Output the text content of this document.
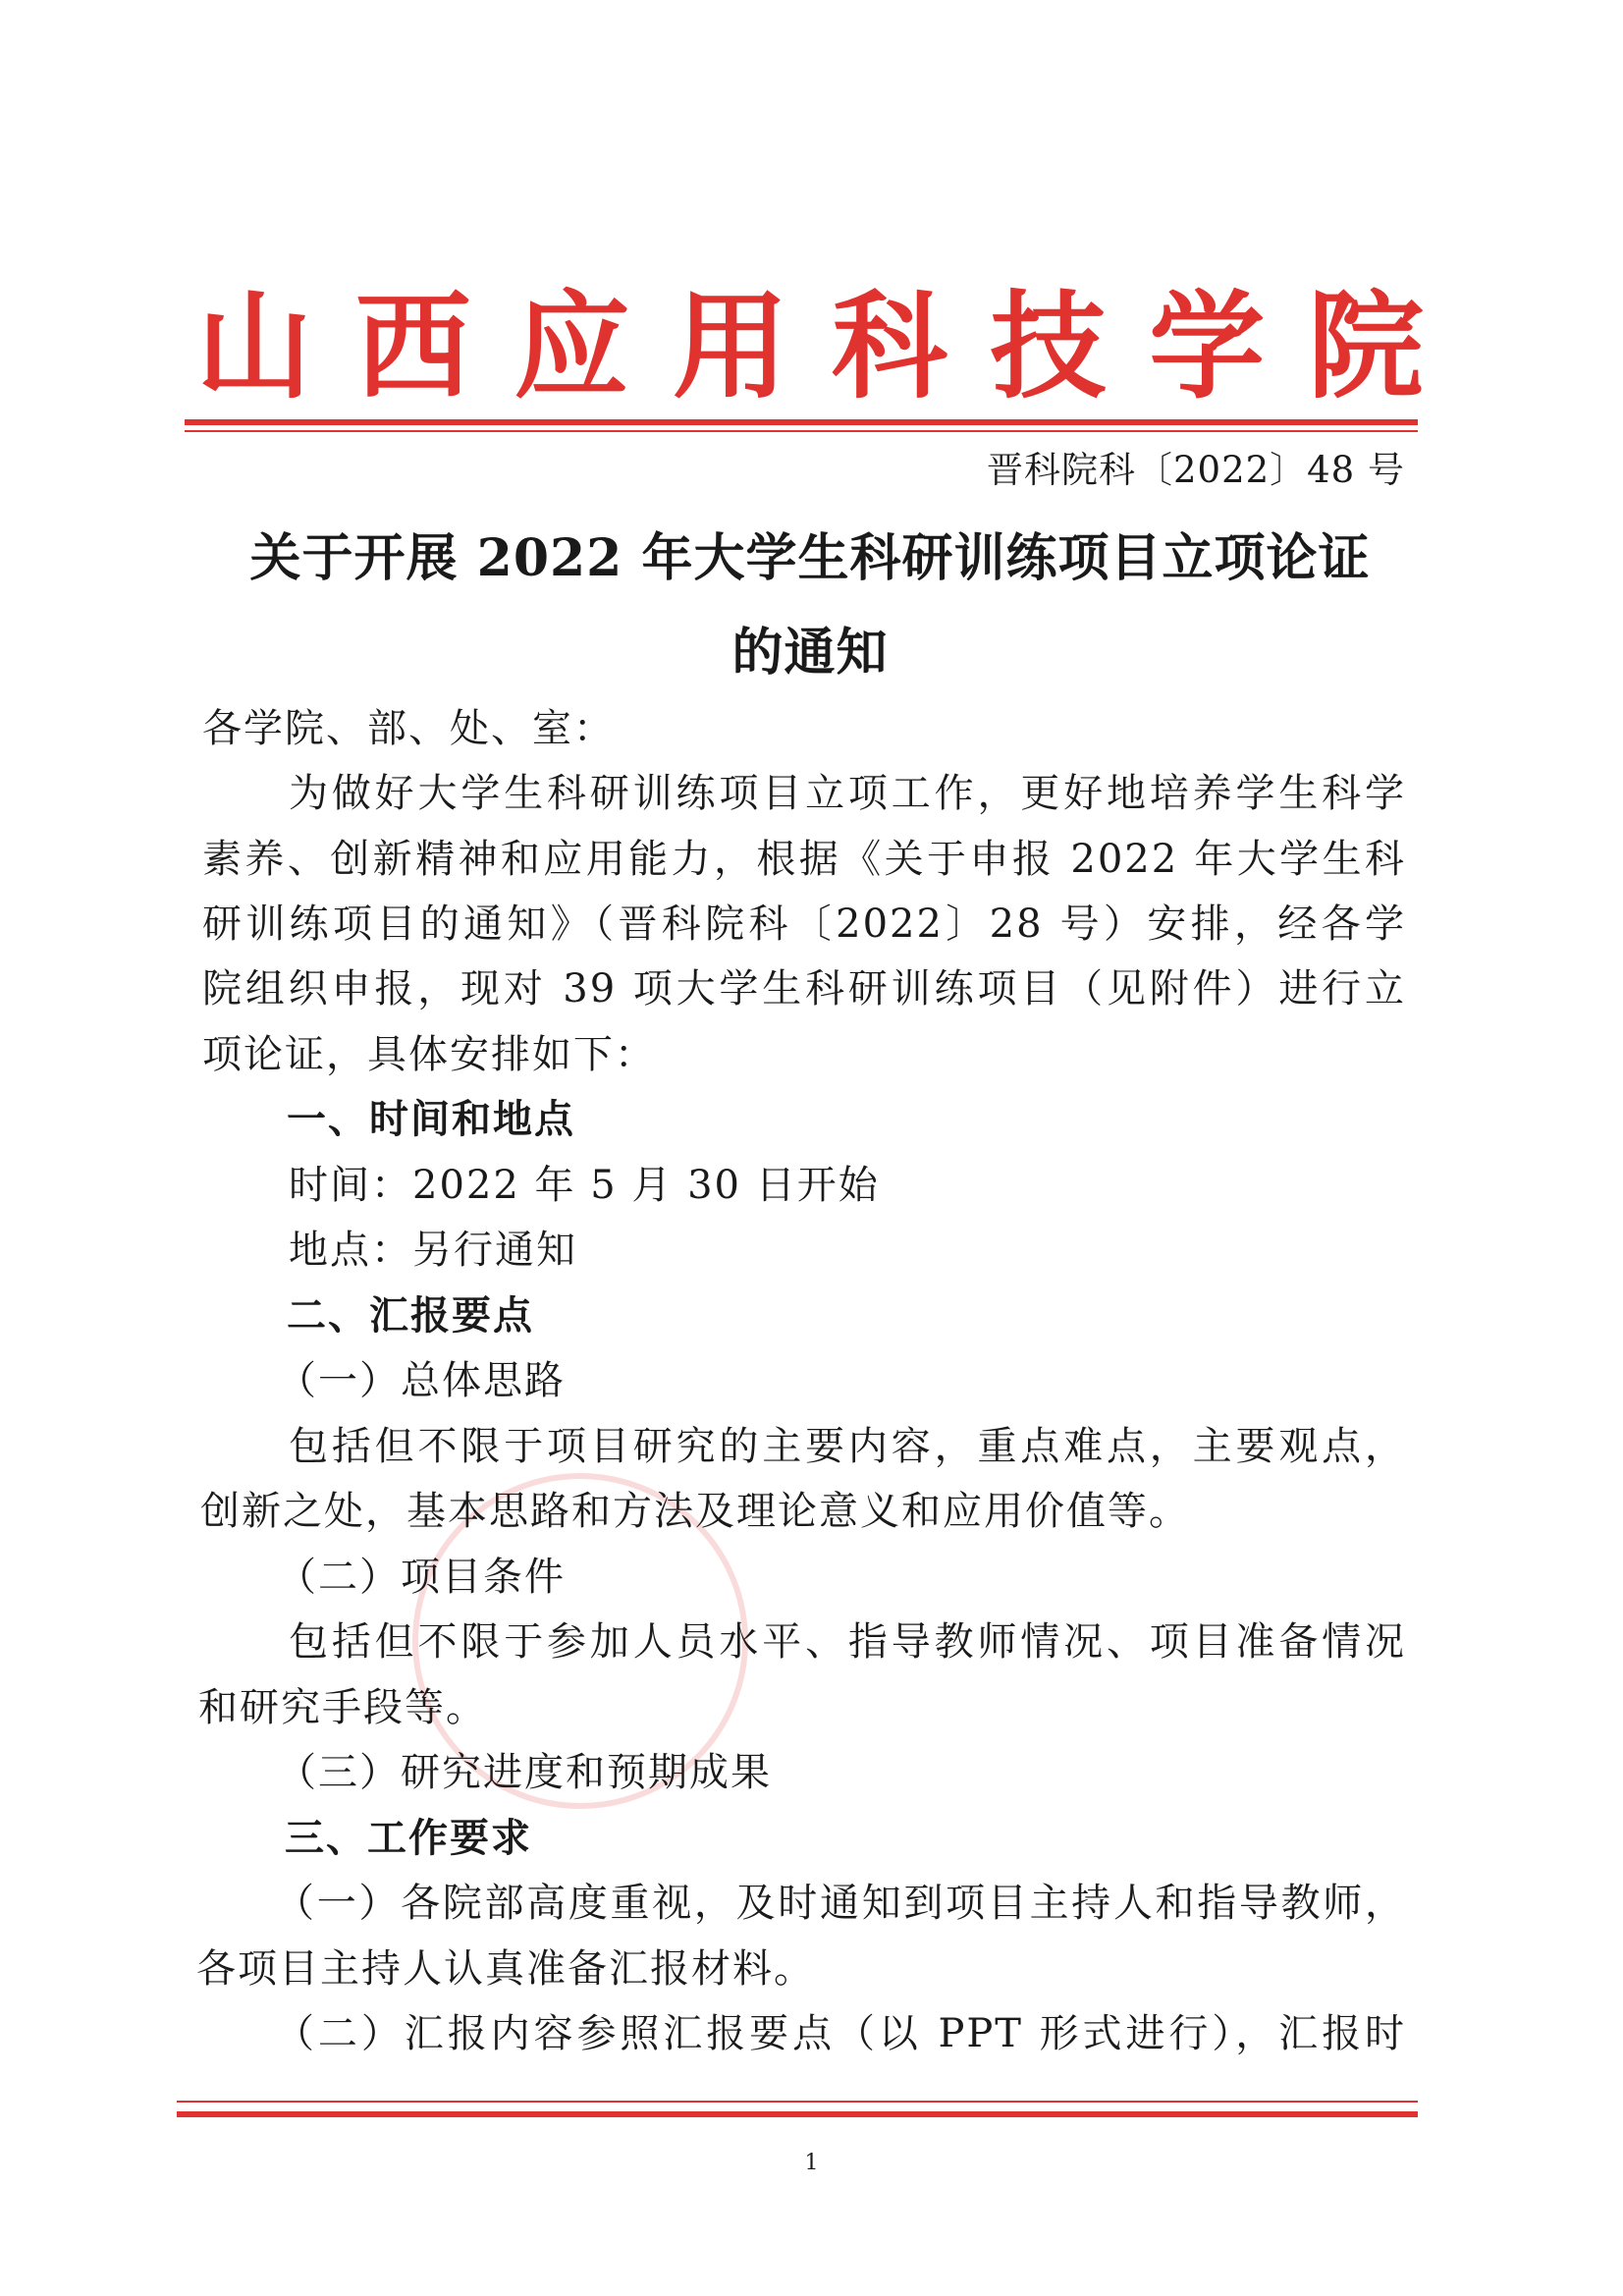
山 西 应 用 科 技 学 院
晋科院科〔2022〕48 号
关于开展 2022 年大学生科研训练项目立项论证
的通知
各学院、部、处、室：
为做好大学生科研训练项目立项工作，更好地培养学生科学
素养、创新精神和应用能力，根据《关于申报 2022 年大学生科
研训练项目的通知》（晋科院科〔2022〕28 号）安排，经各学
院组织申报，现对 39 项大学生科研训练项目（见附件）进行立
项论证，具体安排如下：
一、时间和地点
时间：2022 年 5 月 30 日开始
地点：另行通知
二、汇报要点
（一）总体思路
包括但不限于项目研究的主要内容，重点难点，主要观点，
创新之处，基本思路和方法及理论意义和应用价值等。
（二）项目条件
包括但不限于参加人员水平、指导教师情况、项目准备情况
和研究手段等。
（三）研究进度和预期成果
三、工作要求
（一）各院部高度重视，及时通知到项目主持人和指导教师，
各项目主持人认真准备汇报材料。
（二）汇报内容参照汇报要点（以 PPT 形式进行），汇报时
1
